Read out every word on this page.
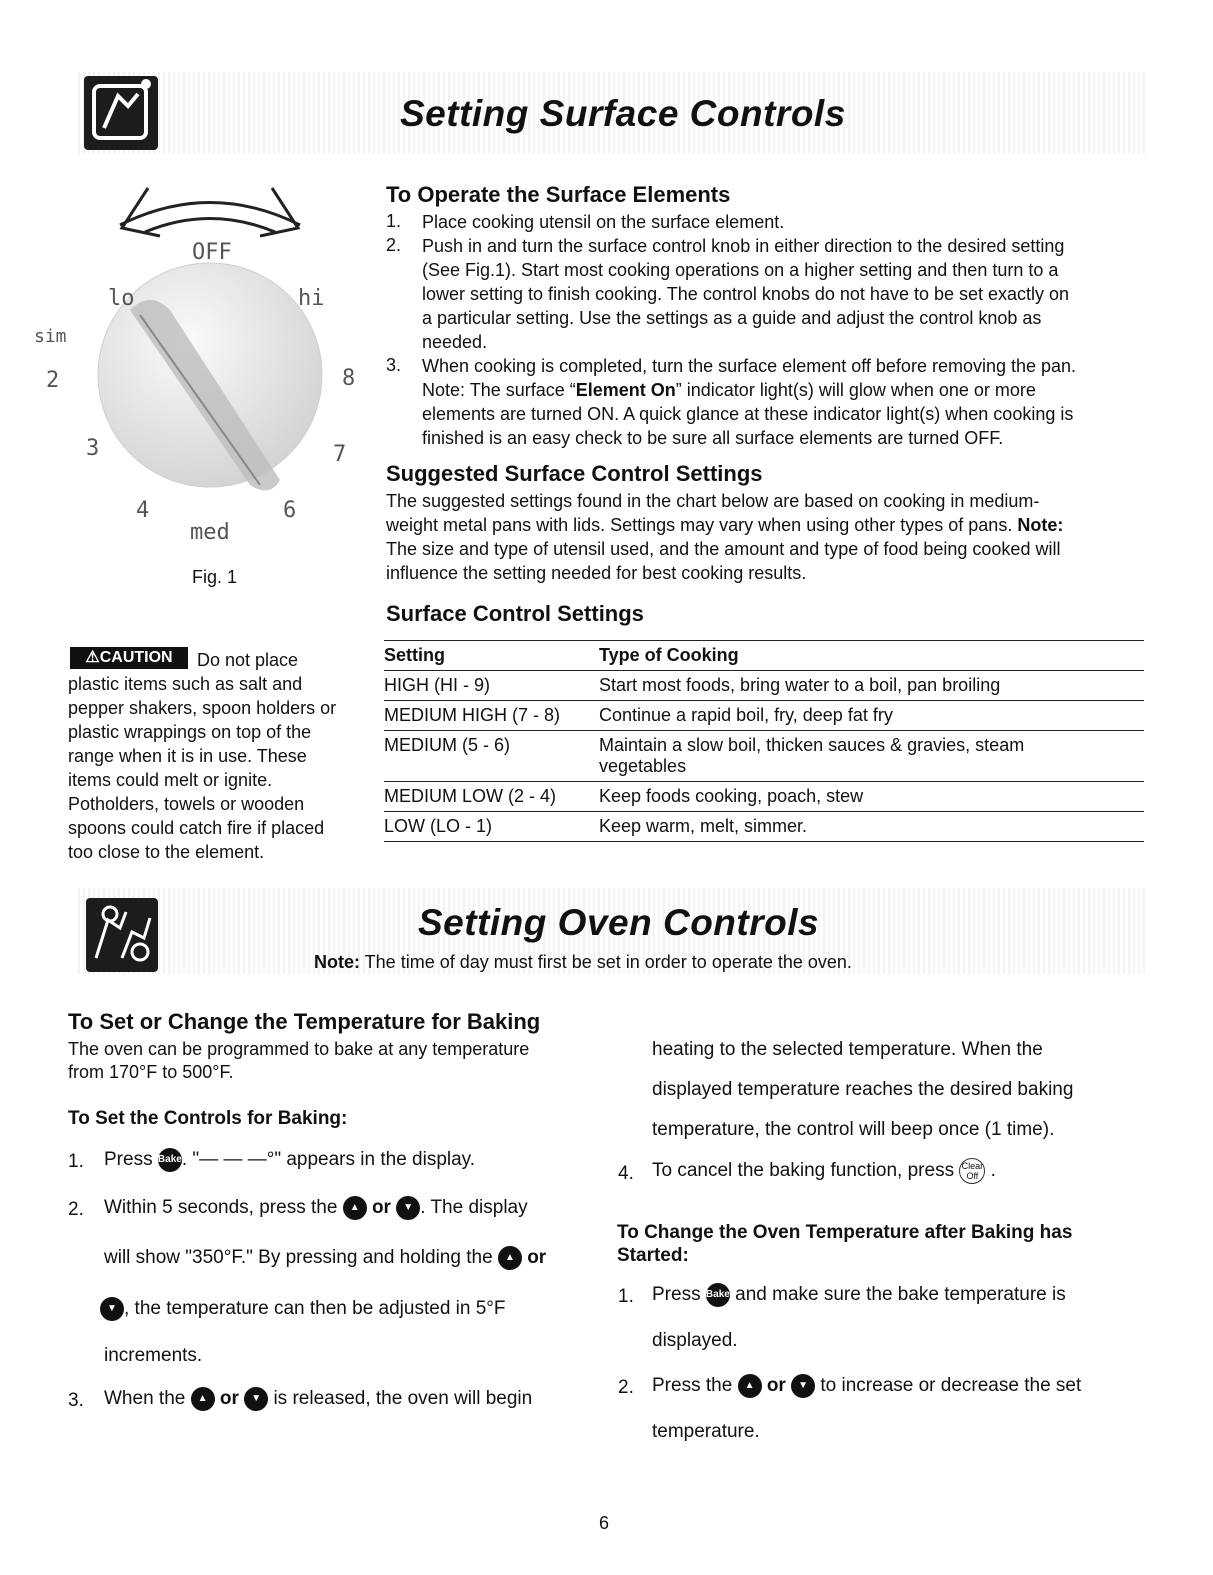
Setting Surface Controls
OFF
lo	hi
sim
2
3
4
med
6
7
8
Fig. 1
To Operate the Surface Elements
1. Place cooking utensil on the surface element.
2. Push in and turn the surface control knob in either direction to the desired setting
(See Fig.1). Start most cooking operations on a higher setting and then turn to a
lower setting to finish cooking. The control knobs do not have to be set exactly on
a particular setting. Use the settings as a guide and adjust the control knob as
needed.
3. When cooking is completed, turn the surface element off before removing the pan.
Note: The surface “Element On” indicator light(s) will glow when one or more
elements are turned ON. A quick glance at these indicator light(s) when cooking is
finished is an easy check to be sure all surface elements are turned OFF.
Suggested Surface Control Settings
The suggested settings found in the chart below are based on cooking in medium-
weight metal pans with lids. Settings may vary when using other types of pans. Note:
The size and type of utensil used, and the amount and type of food being cooked will
influence the setting needed for best cooking results.
Surface Control Settings
Setting	Type of Cooking
HIGH (HI - 9)	Start most foods, bring water to a boil, pan broiling
MEDIUM HIGH (7 - 8)	Continue a rapid boil, fry, deep fat fry
MEDIUM (5 - 6)	Maintain a slow boil, thicken sauces & gravies, steam vegetables
MEDIUM LOW (2 - 4)	Keep foods cooking, poach, stew
LOW (LO - 1)	Keep warm, melt, simmer.
⚠CAUTION	Do not place
plastic items such as salt and
pepper shakers, spoon holders or
plastic wrappings on top of the
range when it is in use. These
items could melt or ignite.
Potholders, towels or wooden
spoons could catch fire if placed
too close to the element.
Setting Oven Controls
Note: The time of day must first be set in order to operate the oven.
To Set or Change the Temperature for Baking
The oven can be programmed to bake at any temperature
from 170°F to 500°F.
To Set the Controls for Baking:
1. Press Bake. "— — —°" appears in the display.
2. Within 5 seconds, press the ▲ or ▼ . The display
will show "350°F." By pressing and holding the ▲ or
▼ , the temperature can then be adjusted in 5°F
increments.
3. When the ▲ or ▼ is released, the oven will begin
heating to the selected temperature. When the
displayed temperature reaches the desired baking
temperature, the control will beep once (1 time).
4. To cancel the baking function, press Clear
Off .
To Change the Oven Temperature after Baking has
Started:
1. Press Bake and make sure the bake temperature is
displayed.
2. Press the ▲ or ▼ to increase or decrease the set
temperature.
6
